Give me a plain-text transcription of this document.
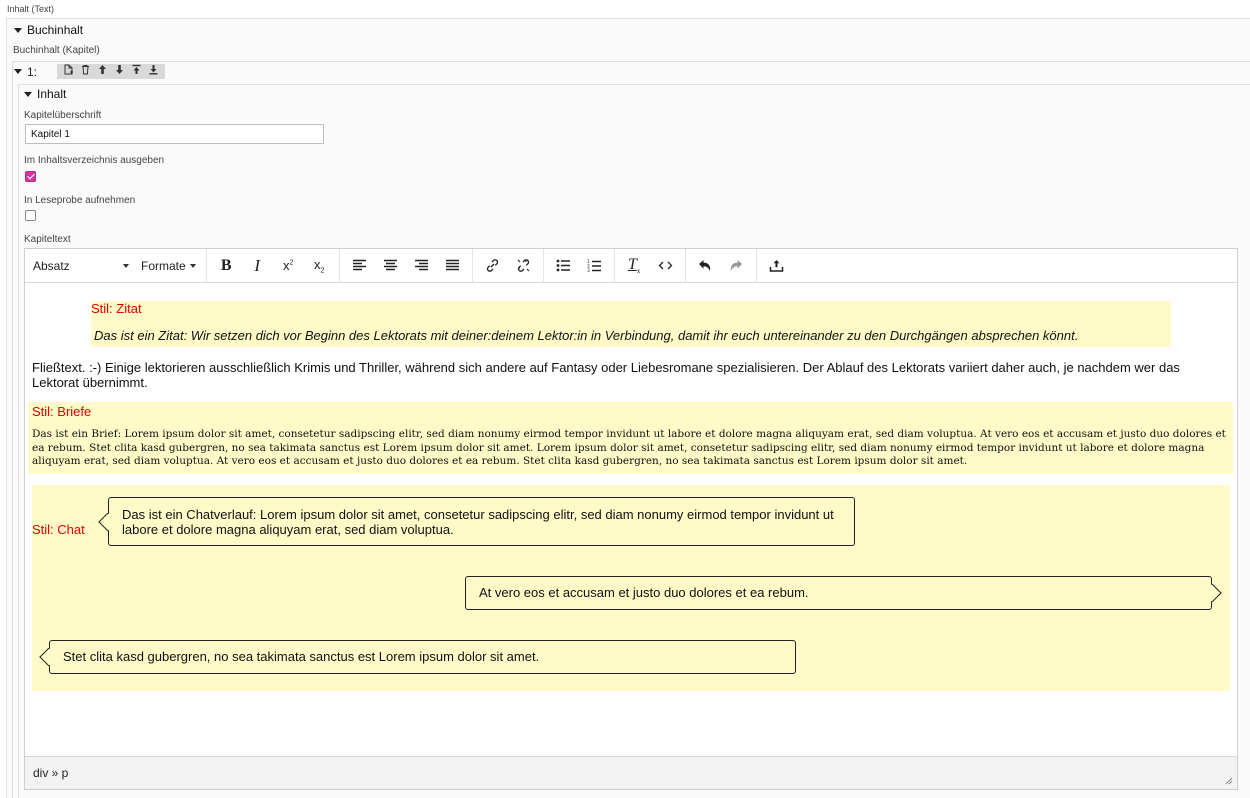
Inhalt (Text)
Buchinhalt
Buchinhalt (Kapitel)
1:
Inhalt
Kapitelüberschrift
Kapitel 1
Im Inhaltsverzeichnis ausgeben
In Leseprobe aufnehmen
Kapiteltext
Absatz	Formate B I $x^2$ $x_2$
1
2
3 $T_x$
Stil: Zitat
Das ist ein Zitat: Wir setzen dich vor Beginn des Lektorats mit deiner:deinem Lektor:in in Verbindung, damit ihr euch untereinander zu den Durchgängen absprechen könnt.
Fließtext. :-) Einige lektorieren ausschließlich Krimis und Thriller, während sich andere auf Fantasy oder Liebesromane spezialisieren. Der Ablauf des Lektorats variiert daher auch, je nachdem wer das Lektorat übernimmt.
Stil: Briefe
Das ist ein Brief: Lorem ipsum dolor sit amet, consetetur sadipscing elitr, sed diam nonumy eirmod tempor invidunt ut labore et dolore magna aliquyam erat, sed diam voluptua. At vero eos et accusam et justo duo dolores et ea rebum. Stet clita kasd gubergren, no sea takimata sanctus est Lorem ipsum dolor sit amet. Lorem ipsum dolor sit amet, consetetur sadipscing elitr, sed diam nonumy eirmod tempor invidunt ut labore et dolore magna aliquyam erat, sed diam voluptua. At vero eos et accusam et justo duo dolores et ea rebum. Stet clita kasd gubergren, no sea takimata sanctus est Lorem ipsum dolor sit amet.
Stil: Chat
Das ist ein Chatverlauf: Lorem ipsum dolor sit amet, consetetur sadipscing elitr, sed diam nonumy eirmod tempor invidunt ut labore et dolore magna aliquyam erat, sed diam voluptua.
At vero eos et accusam et justo duo dolores et ea rebum.
Stet clita kasd gubergren, no sea takimata sanctus est Lorem ipsum dolor sit amet.
div » p
